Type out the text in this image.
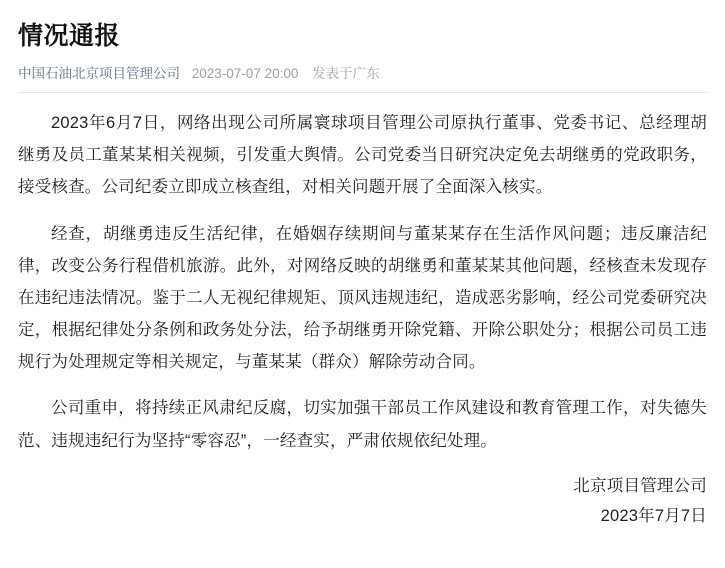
情况通报
中国石油北京项目管理公司 2023-07-07 20:00 发表于广东

2023年6月7日，网络出现公司所属寰球项目管理公司原执行董事、党委书记、总经理胡继勇及员工董某某相关视频，引发重大舆情。公司党委当日研究决定免去胡继勇的党政职务，接受核查。公司纪委立即成立核查组，对相关问题开展了全面深入核实。

经查，胡继勇违反生活纪律，在婚姻存续期间与董某某存在生活作风问题；违反廉洁纪律，改变公务行程借机旅游。此外，对网络反映的胡继勇和董某某其他问题，经核查未发现存在违纪违法情况。鉴于二人无视纪律规矩、顶风违规违纪，造成恶劣影响，经公司党委研究决定，根据纪律处分条例和政务处分法，给予胡继勇开除党籍、开除公职处分；根据公司员工违规行为处理规定等相关规定，与董某某（群众）解除劳动合同。

公司重申，将持续正风肃纪反腐，切实加强干部员工作风建设和教育管理工作，对失德失范、违规违纪行为坚持“零容忍”，一经查实，严肃依规依纪处理。

北京项目管理公司
2023年7月7日
